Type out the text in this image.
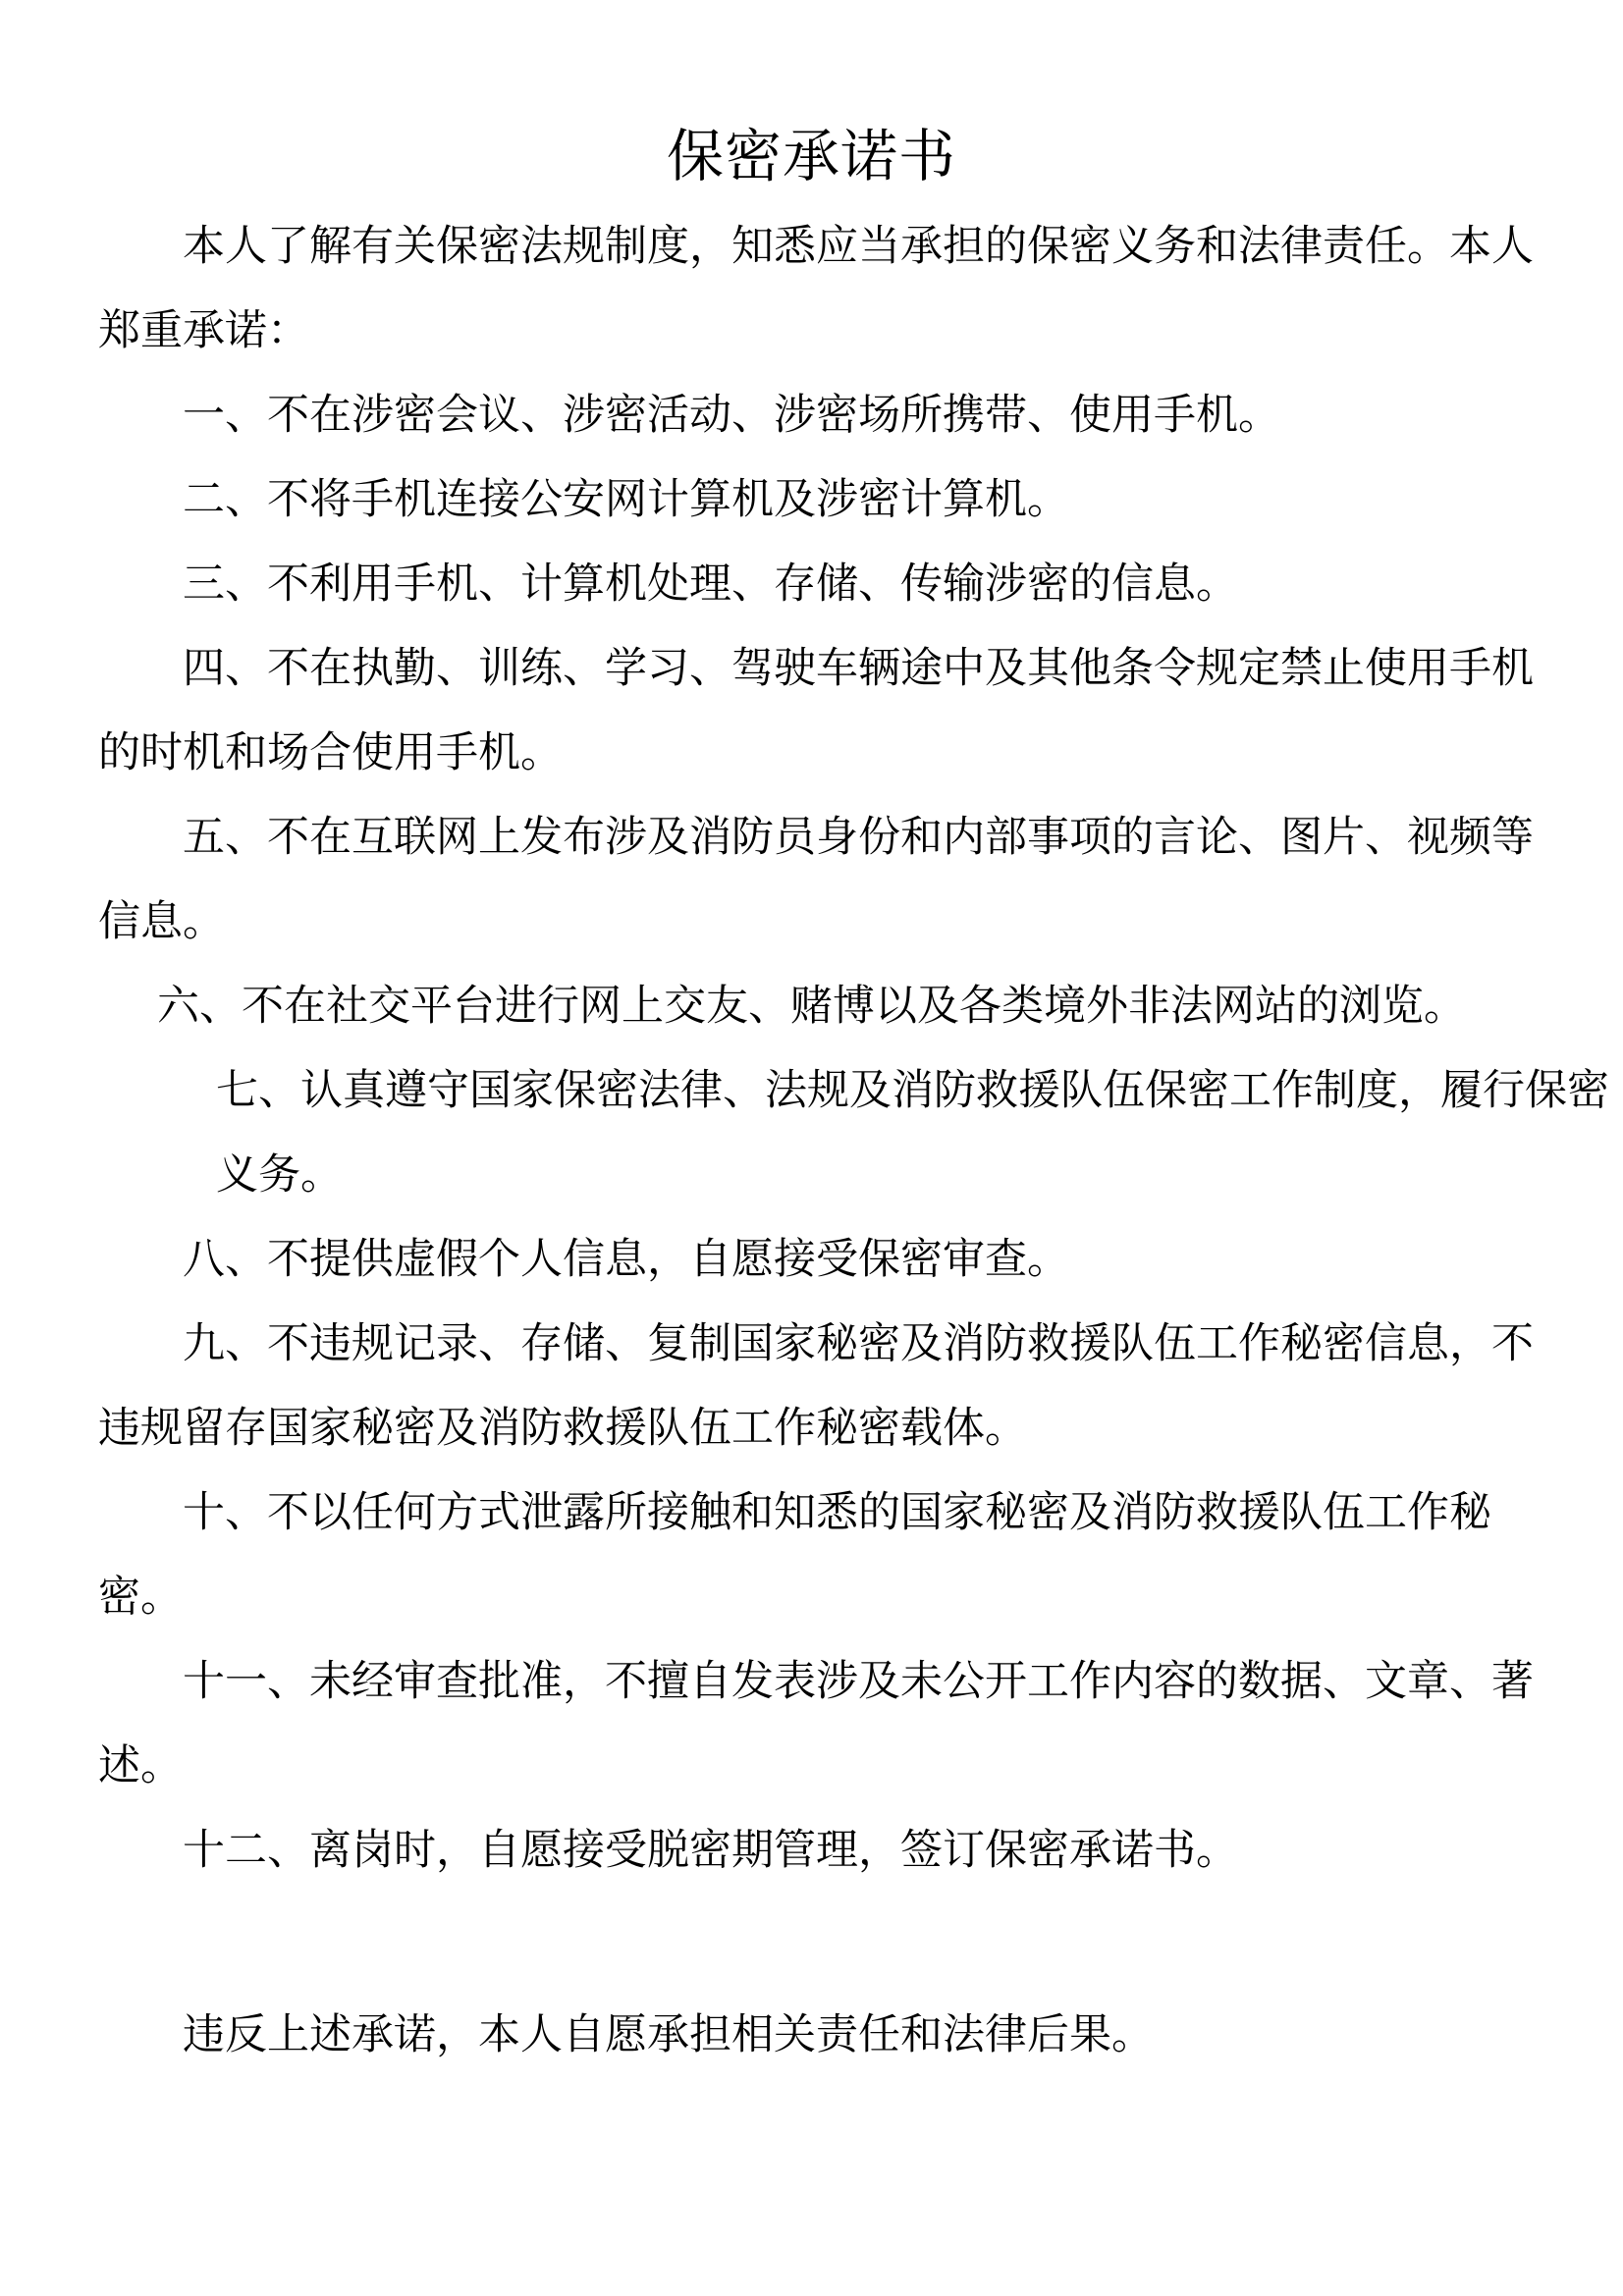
保密承诺书

本人了解有关保密法规制度，知悉应当承担的保密义务和法律责任。本人郑重承诺：

一、不在涉密会议、涉密活动、涉密场所携带、使用手机。

二、不将手机连接公安网计算机及涉密计算机。

三、不利用手机、计算机处理、存储、传输涉密的信息。

四、不在执勤、训练、学习、驾驶车辆途中及其他条令规定禁止使用手机的时机和场合使用手机。

五、不在互联网上发布涉及消防员身份和内部事项的言论、图片、视频等信息。

六、不在社交平台进行网上交友、赌博以及各类境外非法网站的浏览。

七、认真遵守国家保密法律、法规及消防救援队伍保密工作制度，履行保密义务。

八、不提供虚假个人信息，自愿接受保密审查。

九、不违规记录、存储、复制国家秘密及消防救援队伍工作秘密信息，不违规留存国家秘密及消防救援队伍工作秘密载体。

十、不以任何方式泄露所接触和知悉的国家秘密及消防救援队伍工作秘密。

十一、未经审查批准，不擅自发表涉及未公开工作内容的数据、文章、著述。

十二、离岗时，自愿接受脱密期管理，签订保密承诺书。

违反上述承诺，本人自愿承担相关责任和法律后果。
